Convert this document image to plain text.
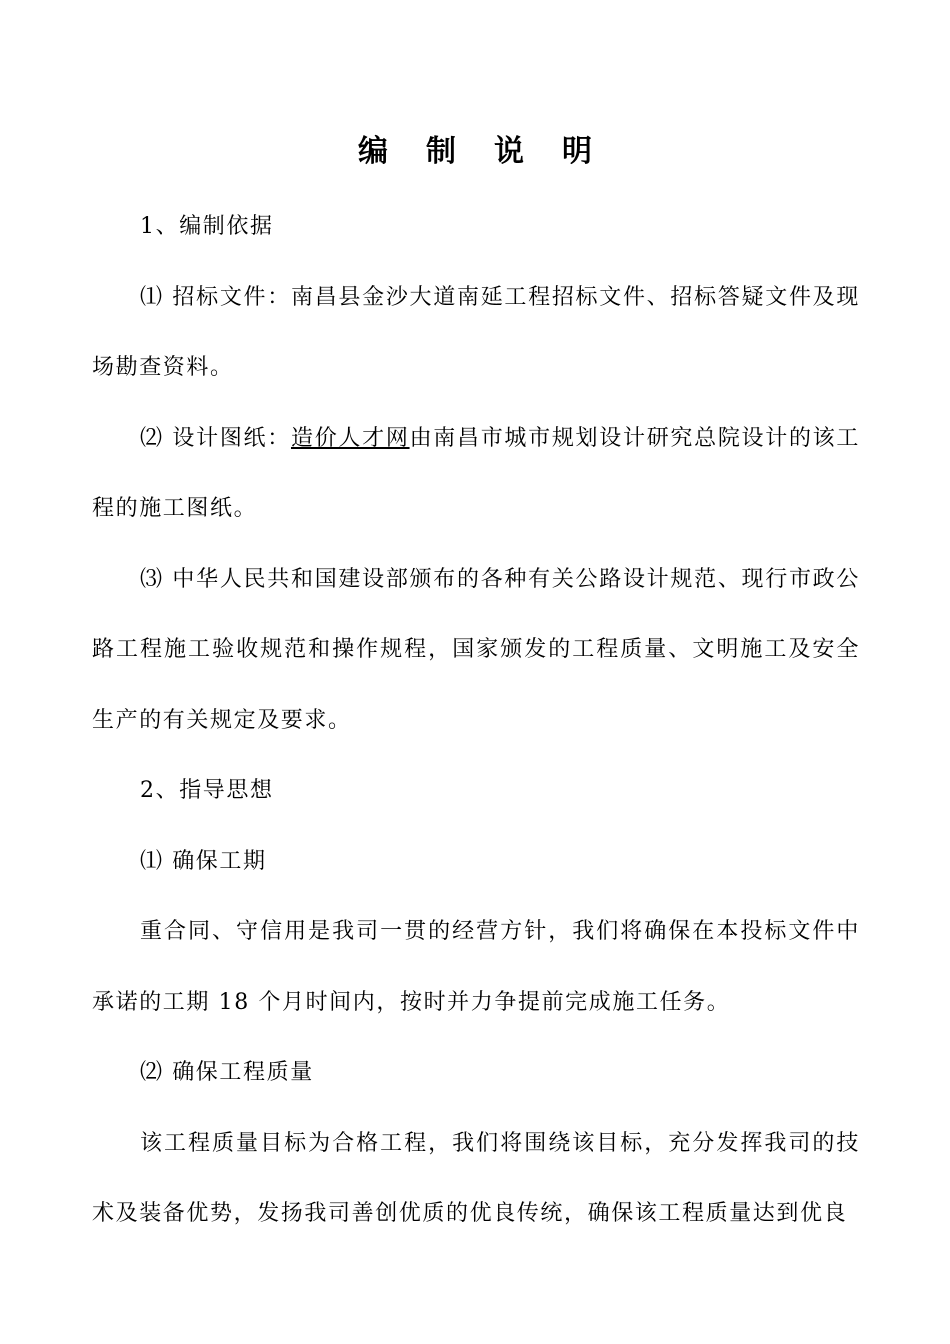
编制说明

1、编制依据

⑴ 招标文件：南昌县金沙大道南延工程招标文件、招标答疑文件及现场勘查资料。

⑵ 设计图纸：造价人才网由南昌市城市规划设计研究总院设计的该工程的施工图纸。

⑶ 中华人民共和国建设部颁布的各种有关公路设计规范、现行市政公路工程施工验收规范和操作规程，国家颁发的工程质量、文明施工及安全生产的有关规定及要求。

2、指导思想

⑴ 确保工期

重合同、守信用是我司一贯的经营方针，我们将确保在本投标文件中承诺的工期 18 个月时间内，按时并力争提前完成施工任务。

⑵ 确保工程质量

该工程质量目标为合格工程，我们将围绕该目标，充分发挥我司的技术及装备优势，发扬我司善创优质的优良传统，确保该工程质量达到优良
